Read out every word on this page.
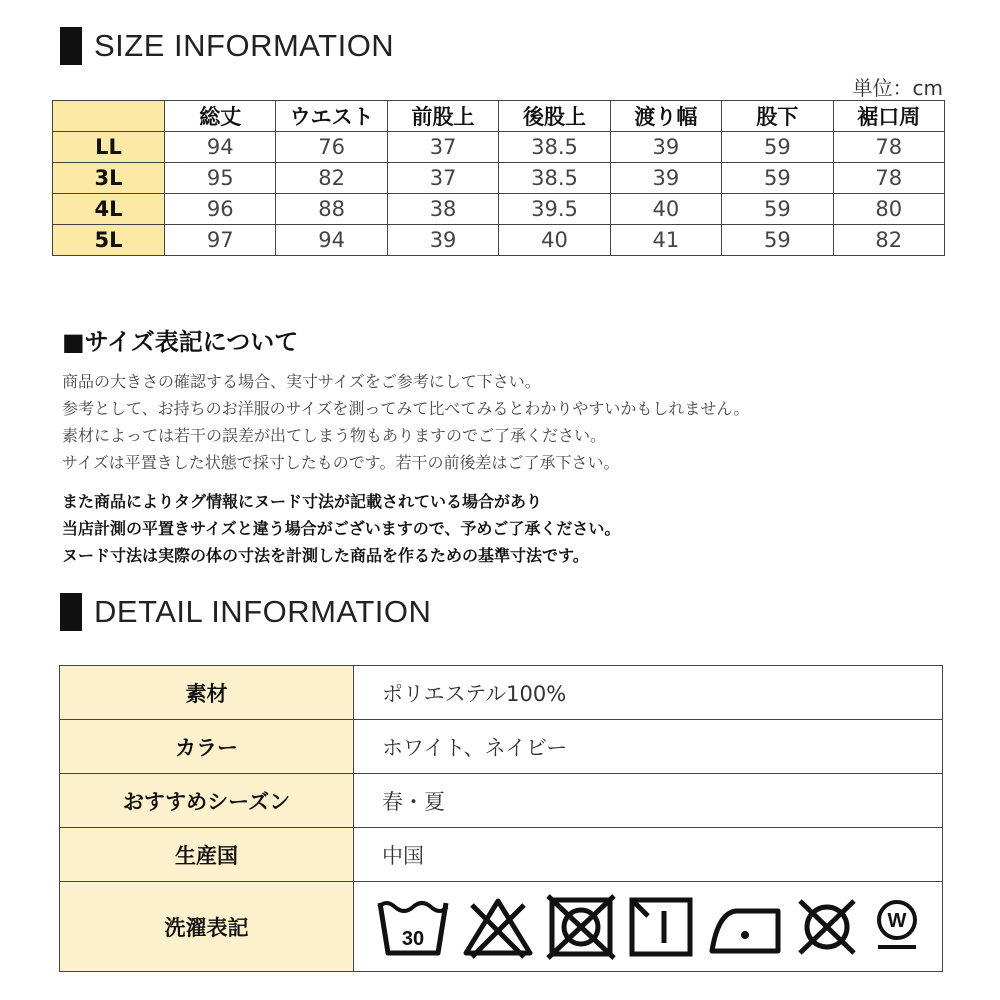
SIZE INFORMATION
単位：cm
	総丈	ウエスト	前股上	後股上	渡り幅	股下	裾口周
LL	94	76	37	38.5	39	59	78
3L	95	82	37	38.5	39	59	78
4L	96	88	38	39.5	40	59	80
5L	97	94	39	40	41	59	82
■サイズ表記について
商品の大きさの確認する場合、実寸サイズをご参考にして下さい。
参考として、お持ちのお洋服のサイズを測ってみて比べてみるとわかりやすいかもしれません。
素材によっては若干の誤差が出てしまう物もありますのでご了承ください。
サイズは平置きした状態で採寸したものです。若干の前後差はご了承下さい。
また商品によりタグ情報にヌード寸法が記載されている場合があり
当店計測の平置きサイズと違う場合がございますので、予めご了承ください。
ヌード寸法は実際の体の寸法を計測した商品を作るための基準寸法です。
DETAIL INFORMATION
素材	ポリエステル100%
カラー	ホワイト、ネイビー
おすすめシーズン	春・夏
生産国	中国
洗濯表記	30
W
